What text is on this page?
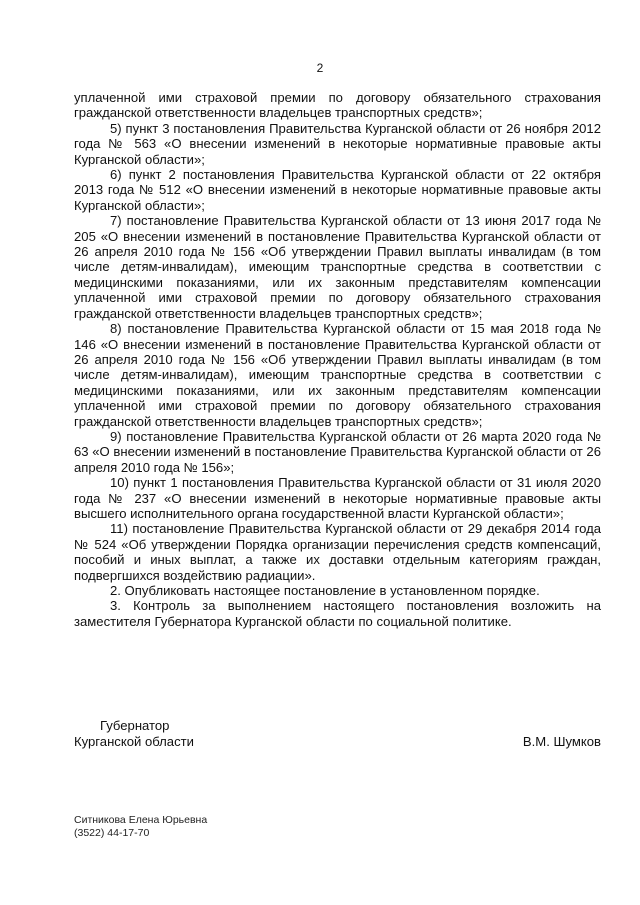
2

уплаченной ими страховой премии по договору обязательного страхования гражданской ответственности владельцев транспортных средств»;

5) пункт 3 постановления Правительства Курганской области от 26 ноября 2012 года № 563 «О внесении изменений в некоторые нормативные правовые акты Курганской области»;

6) пункт 2 постановления Правительства Курганской области от 22 октября 2013 года № 512 «О внесении изменений в некоторые нормативные правовые акты Курганской области»;

7) постановление Правительства Курганской области от 13 июня 2017 года № 205 «О внесении изменений в постановление Правительства Курганской области от 26 апреля 2010 года № 156 «Об утверждении Правил выплаты инвалидам (в том числе детям-инвалидам), имеющим транспортные средства в соответствии с медицинскими показаниями, или их законным представителям компенсации уплаченной ими страховой премии по договору обязательного страхования гражданской ответственности владельцев транспортных средств»;

8) постановление Правительства Курганской области от 15 мая 2018 года № 146 «О внесении изменений в постановление Правительства Курганской области от 26 апреля 2010 года № 156 «Об утверждении Правил выплаты инвалидам (в том числе детям-инвалидам), имеющим транспортные средства в соответствии с медицинскими показаниями, или их законным представителям компенсации уплаченной ими страховой премии по договору обязательного страхования гражданской ответственности владельцев транспортных средств»;

9) постановление Правительства Курганской области от 26 марта 2020 года № 63 «О внесении изменений в постановление Правительства Курганской области от 26 апреля 2010 года № 156»;

10) пункт 1 постановления Правительства Курганской области от 31 июля 2020 года № 237 «О внесении изменений в некоторые нормативные правовые акты высшего исполнительного органа государственной власти Курганской области»;

11) постановление Правительства Курганской области от 29 декабря 2014 года № 524 «Об утверждении Порядка организации перечисления средств компенсаций, пособий и иных выплат, а также их доставки отдельным категориям граждан, подвергшихся воздействию радиации».

2. Опубликовать настоящее постановление в установленном порядке.

3. Контроль за выполнением настоящего постановления возложить на заместителя Губернатора Курганской области по социальной политике.

Губернатор
Курганской области	В.М. Шумков
Ситникова Елена Юрьевна
(3522) 44-17-70
